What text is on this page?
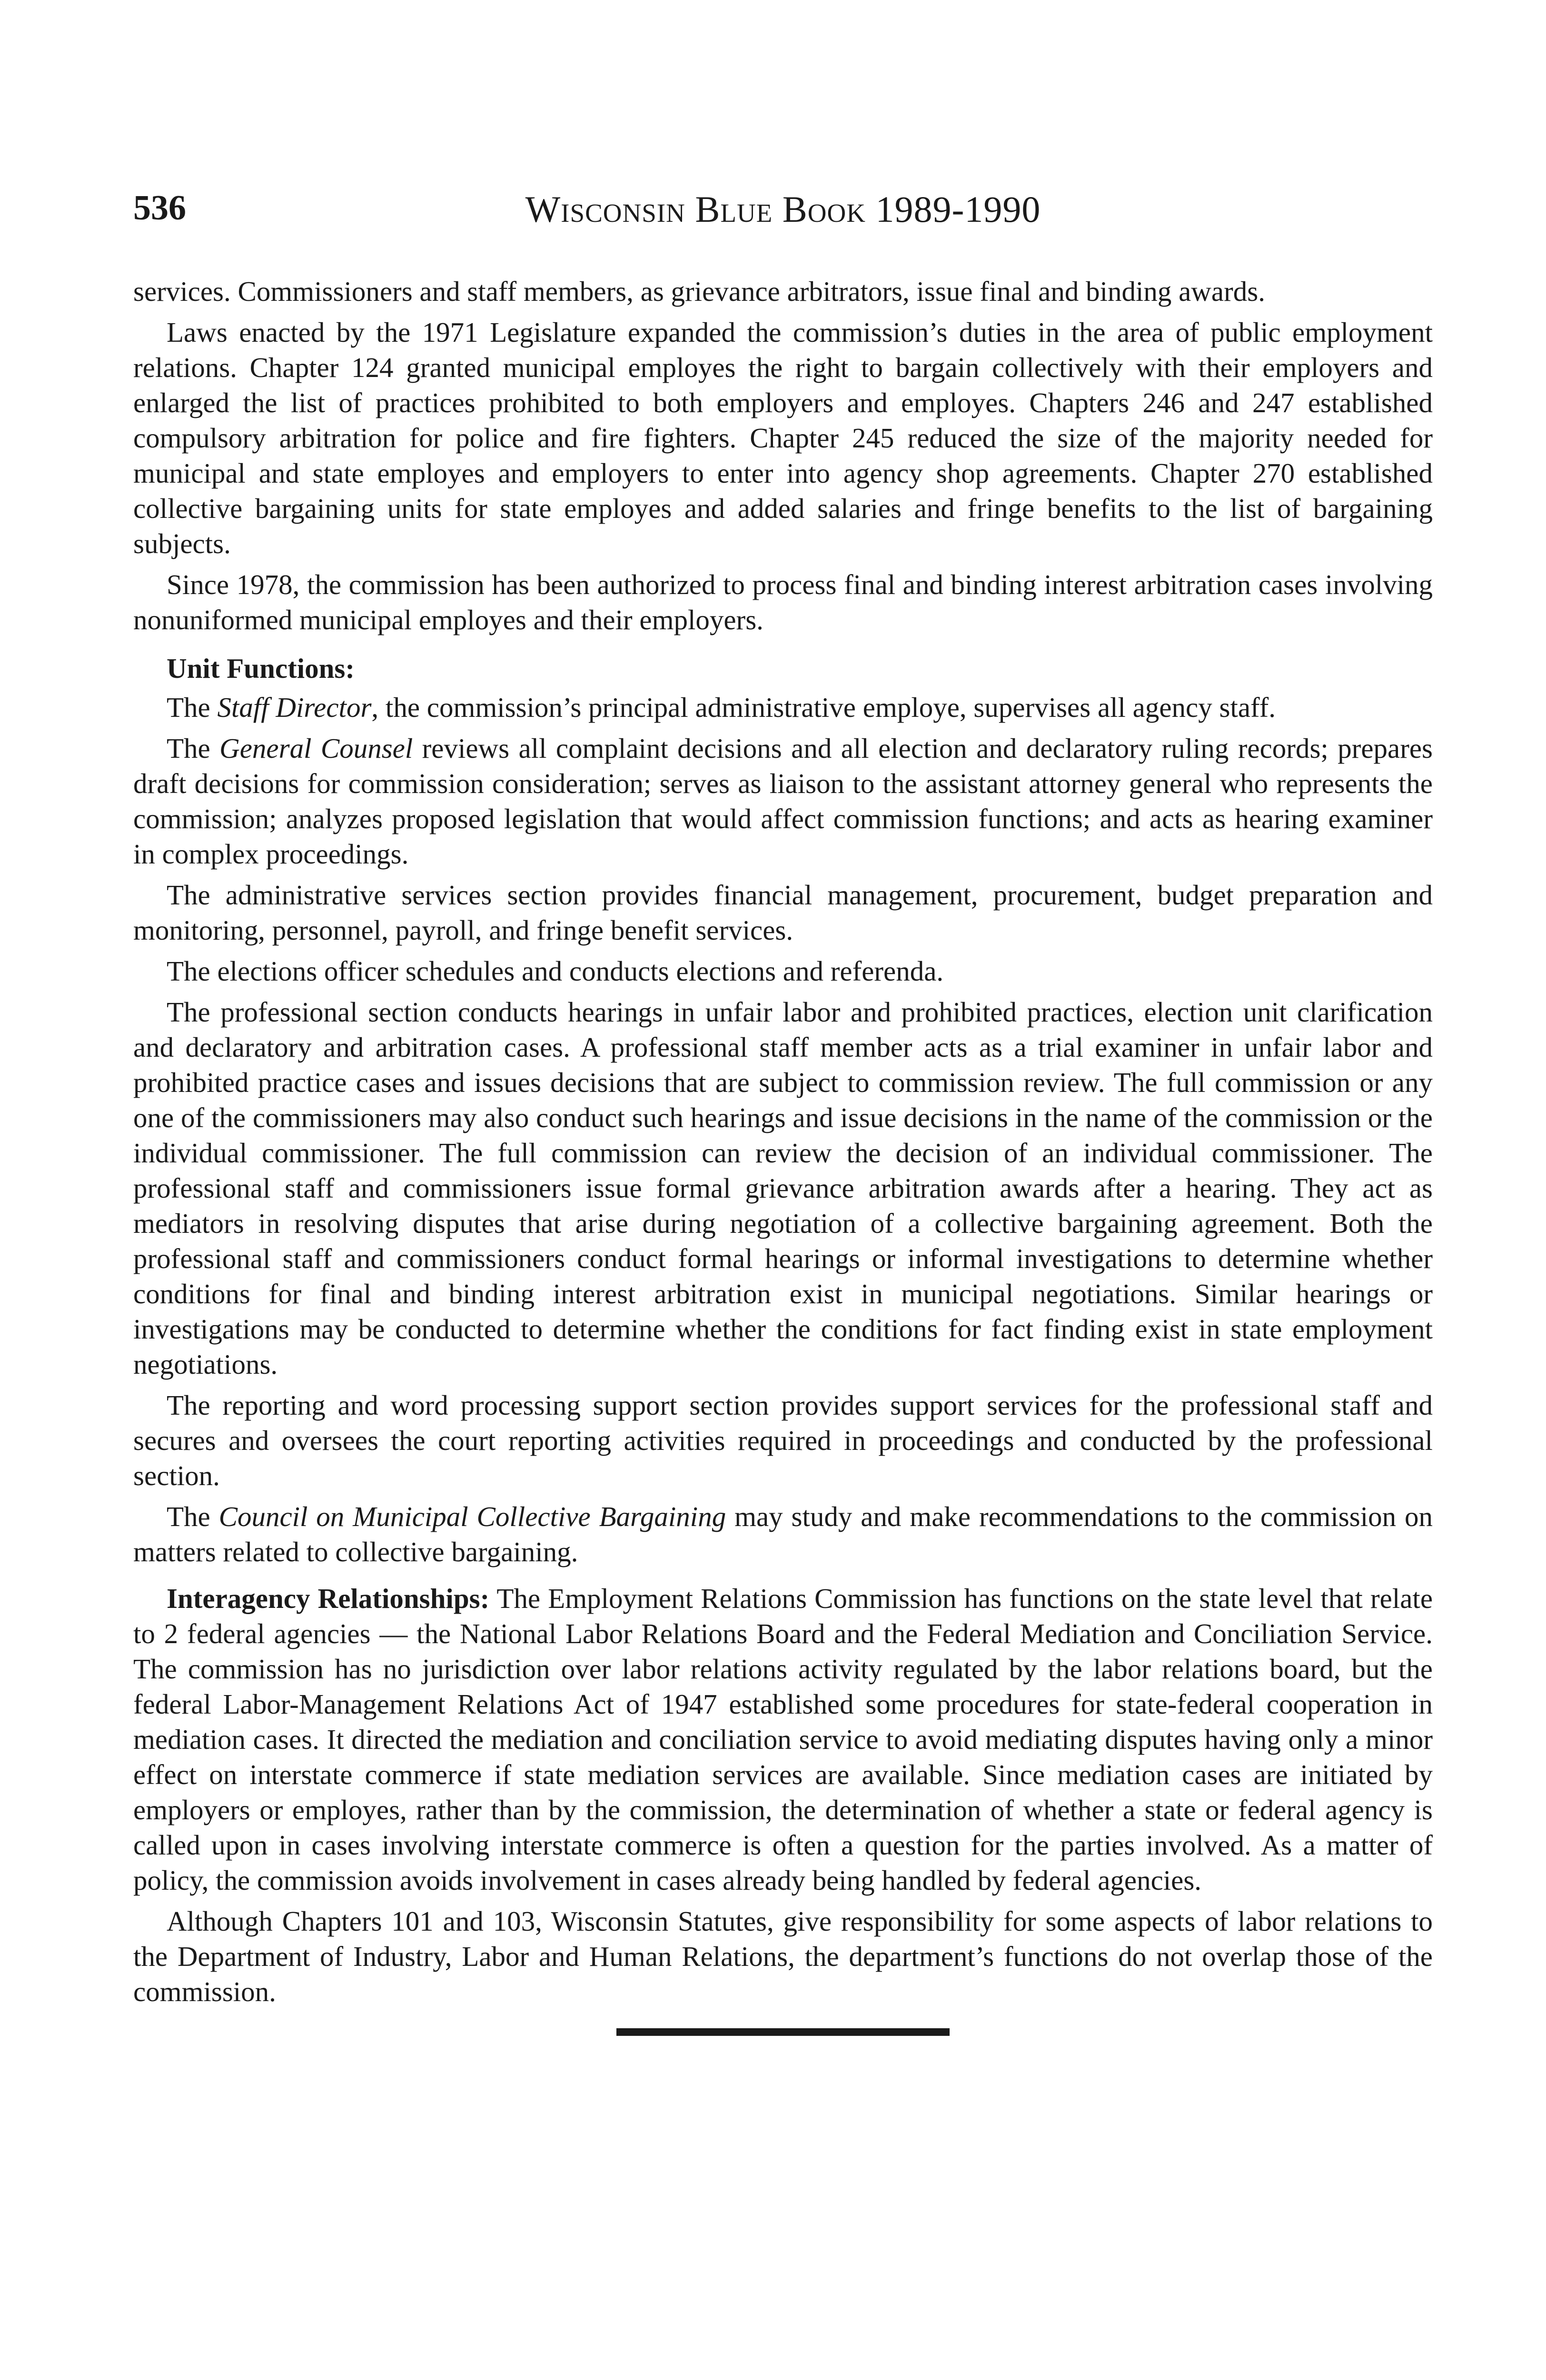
536	Wisconsin Blue Book 1989-1990

services. Commissioners and staff members, as grievance arbitrators, issue final and binding awards.

Laws enacted by the 1971 Legislature expanded the commission’s duties in the area of public employment relations. Chapter 124 granted municipal employes the right to bargain collectively with their employers and enlarged the list of practices prohibited to both employers and employes. Chapters 246 and 247 established compulsory arbitration for police and fire fighters. Chapter 245 reduced the size of the majority needed for municipal and state employes and employers to enter into agency shop agreements. Chapter 270 established collective bargaining units for state employes and added salaries and fringe benefits to the list of bargaining subjects.

Since 1978, the commission has been authorized to process final and binding interest arbitration cases involving nonuniformed municipal employes and their employers.

Unit Functions:

The Staff Director, the commission’s principal administrative employe, supervises all agency staff.

The General Counsel reviews all complaint decisions and all election and declaratory ruling records; prepares draft decisions for commission consideration; serves as liaison to the assistant attorney general who represents the commission; analyzes proposed legislation that would affect commission functions; and acts as hearing examiner in complex proceedings.

The administrative services section provides financial management, procurement, budget preparation and monitoring, personnel, payroll, and fringe benefit services.

The elections officer schedules and conducts elections and referenda.

The professional section conducts hearings in unfair labor and prohibited practices, election unit clarification and declaratory and arbitration cases. A professional staff member acts as a trial examiner in unfair labor and prohibited practice cases and issues decisions that are subject to commission review. The full commission or any one of the commissioners may also conduct such hearings and issue decisions in the name of the commission or the individual commissioner. The full commission can review the decision of an individual commissioner. The professional staff and commissioners issue formal grievance arbitration awards after a hearing. They act as mediators in resolving disputes that arise during negotiation of a collective bargaining agreement. Both the professional staff and commissioners conduct formal hearings or informal investigations to determine whether conditions for final and binding interest arbitration exist in municipal negotiations. Similar hearings or investigations may be conducted to determine whether the conditions for fact finding exist in state employment negotiations.

The reporting and word processing support section provides support services for the professional staff and secures and oversees the court reporting activities required in proceedings and conducted by the professional section.

The Council on Municipal Collective Bargaining may study and make recommendations to the commission on matters related to collective bargaining.

Interagency Relationships: The Employment Relations Commission has functions on the state level that relate to 2 federal agencies — the National Labor Relations Board and the Federal Mediation and Conciliation Service. The commission has no jurisdiction over labor relations activity regulated by the labor relations board, but the federal Labor-Management Relations Act of 1947 established some procedures for state-federal cooperation in mediation cases. It directed the mediation and conciliation service to avoid mediating disputes having only a minor effect on interstate commerce if state mediation services are available. Since mediation cases are initiated by employers or employes, rather than by the commission, the determination of whether a state or federal agency is called upon in cases involving interstate commerce is often a question for the parties involved. As a matter of policy, the commission avoids involvement in cases already being handled by federal agencies.

Although Chapters 101 and 103, Wisconsin Statutes, give responsibility for some aspects of labor relations to the Department of Industry, Labor and Human Relations, the department’s functions do not overlap those of the commission.
